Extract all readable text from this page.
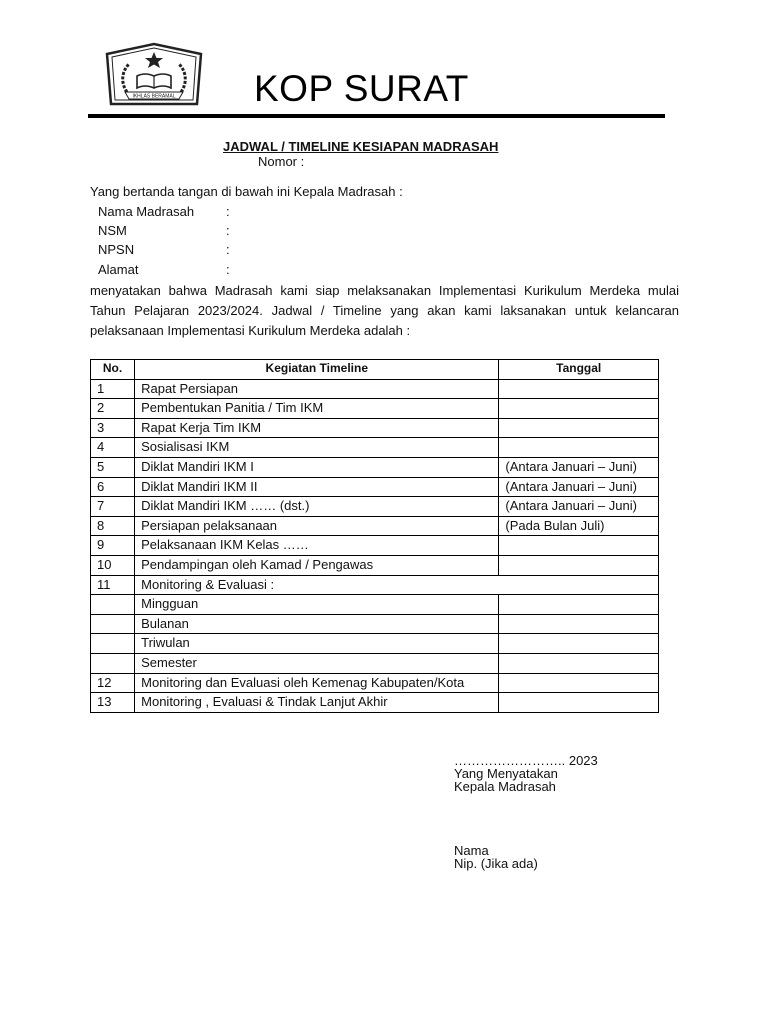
IKHLAS BERAMAL KOP SURAT
JADWAL / TIMELINE KESIAPAN MADRASAH
Nomor :
Yang bertanda tangan di bawah ini Kepala Madrasah :
Nama Madrasah :
NSM	:
NPSN	:
Alamat	:
menyatakan bahwa Madrasah kami siap melaksanakan Implementasi Kurikulum Merdeka mulai Tahun Pelajaran 2023/2024. Jadwal / Timeline yang akan kami laksanakan untuk kelancaran pelaksanaan Implementasi Kurikulum Merdeka adalah :
No.	Kegiatan Timeline	Tanggal
1	Rapat Persiapan	
2	Pembentukan Panitia / Tim IKM	
3	Rapat Kerja Tim IKM	
4	Sosialisasi IKM	
5	Diklat Mandiri IKM I	(Antara Januari – Juni)
6	Diklat Mandiri IKM II	(Antara Januari – Juni)
7	Diklat Mandiri IKM …… (dst.)	(Antara Januari – Juni)
8	Persiapan pelaksanaan	(Pada Bulan Juli)
9	Pelaksanaan IKM Kelas ……	
10	Pendampingan oleh Kamad / Pengawas	
11	Monitoring & Evaluasi :	
	Mingguan	
	Bulanan	
	Triwulan	
	Semester	
12	Monitoring dan Evaluasi oleh Kemenag Kabupaten/Kota	
13	Monitoring , Evaluasi & Tindak Lanjut Akhir	
…………………….. 2023
Yang Menyatakan
Kepala Madrasah
Nama
Nip. (Jika ada)
